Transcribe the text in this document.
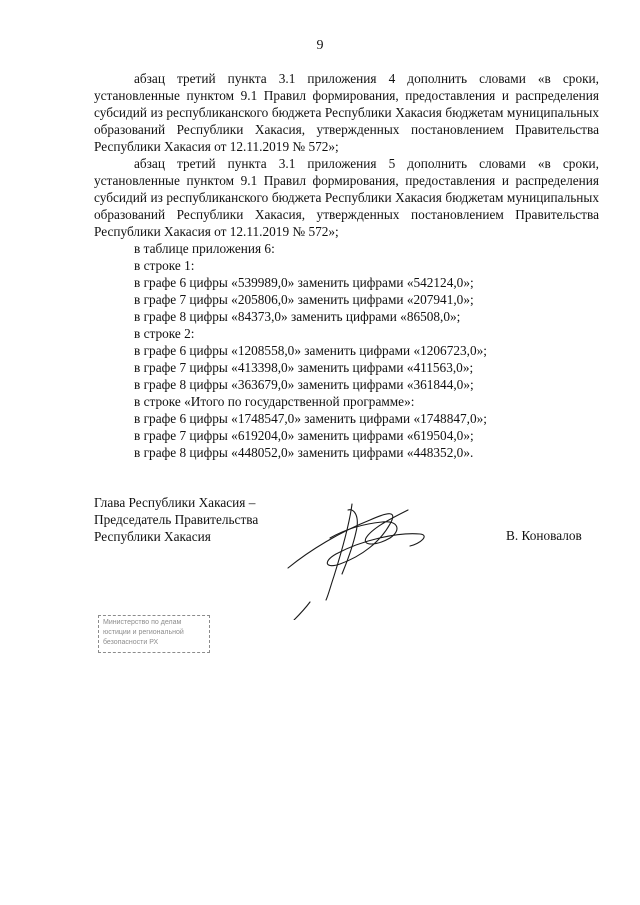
9

абзац третий пункта 3.1 приложения 4 дополнить словами «в сроки, установленные пунктом 9.1 Правил формирования, предоставления и распределения субсидий из республиканского бюджета Республики Хакасия бюджетам муниципальных образований Республики Хакасия, утвержденных постановлением Правительства Республики Хакасия от 12.11.2019 № 572»;

абзац третий пункта 3.1 приложения 5 дополнить словами «в сроки, установленные пунктом 9.1 Правил формирования, предоставления и распределения субсидий из республиканского бюджета Республики Хакасия бюджетам муниципальных образований Республики Хакасия, утвержденных постановлением Правительства Республики Хакасия от 12.11.2019 № 572»;

в таблице приложения 6:
в строке 1:
в графе 6 цифры «539989,0» заменить цифрами «542124,0»;
в графе 7 цифры «205806,0» заменить цифрами «207941,0»;
в графе 8 цифры «84373,0» заменить цифрами «86508,0»;
в строке 2:
в графе 6 цифры «1208558,0» заменить цифрами «1206723,0»;
в графе 7 цифры «413398,0» заменить цифрами «411563,0»;
в графе 8 цифры «363679,0» заменить цифрами «361844,0»;
в строке «Итого по государственной программе»:
в графе 6 цифры «1748547,0» заменить цифрами «1748847,0»;
в графе 7 цифры «619204,0» заменить цифрами «619504,0»;
в графе 8 цифры «448052,0» заменить цифрами «448352,0».
Глава Республики Хакасия –
Председатель Правительства
Республики Хакасия	В. Коновалов
Министерство по делам
юстиции и региональной
безопасности РХ
